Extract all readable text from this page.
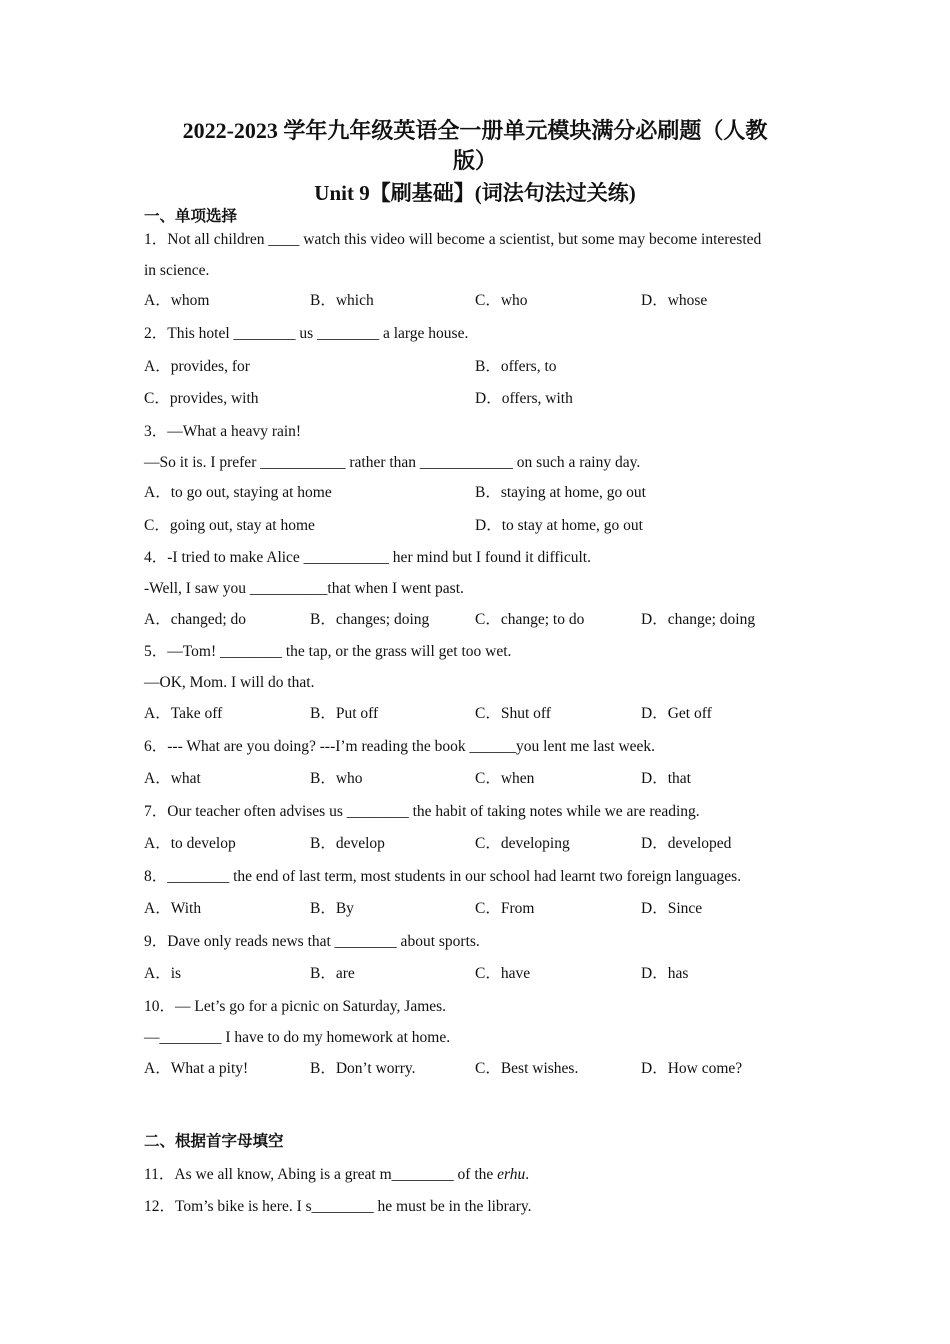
2022-2023 学年九年级英语全一册单元模块满分必刷题（人教
版）
Unit 9【刷基础】(词法句法过关练)
一、单项选择
1．Not all children ____ watch this video will become a scientist, but some may become interested
in science.
A．whom	B．which	C．who	D．whose
2．This hotel ________ us ________ a large house.
A．provides, for	B．offers, to
C．provides, with	D．offers, with
3．—What a heavy rain!
—So it is. I prefer ___________ rather than ____________ on such a rainy day.
A．to go out, staying at home	B．staying at home, go out
C．going out, stay at home	D．to stay at home, go out
4．-I tried to make Alice ___________ her mind but I found it difficult.
-Well, I saw you __________that when I went past.
A．changed; do	B．changes; doing	C．change; to do	D．change; doing
5．—Tom! ________ the tap, or the grass will get too wet.
—OK, Mom. I will do that.
A．Take off	B．Put off	C．Shut off	D．Get off
6．--- What are you doing? ---I’m reading the book ______you lent me last week.
A．what	B．who	C．when	D．that
7．Our teacher often advises us ________ the habit of taking notes while we are reading.
A．to develop	B．develop	C．developing	D．developed
8．________ the end of last term, most students in our school had learnt two foreign languages.
A．With	B．By	C．From	D．Since
9．Dave only reads news that ________ about sports.
A．is	B．are	C．have	D．has
10．— Let’s go for a picnic on Saturday, James.
—________ I have to do my homework at home.
A．What a pity!	B．Don’t worry.	C．Best wishes.	D．How come?
二、根据首字母填空
11．As we all know, Abing is a great m________ of the erhu.
12．Tom’s bike is here. I s________ he must be in the library.
